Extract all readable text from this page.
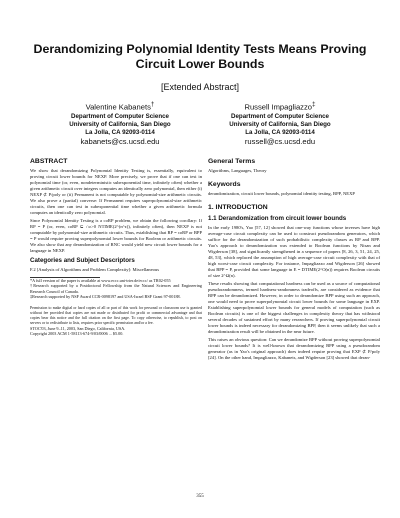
Derandomizing Polynomial Identity Tests Means Proving
Circuit Lower Bounds
[Extended Abstract]
Valentine Kabanets†
Department of Computer Science
University of California, San Diego
La Jolla, CA 92093-0114
kabanets@cs.ucsd.edu
Russell Impagliazzo‡
Department of Computer Science
University of California, San Diego
La Jolla, CA 92093-0114
russell@cs.ucsd.edu
ABSTRACT

We show that derandomizing Polynomial Identity Testing is, essentially, equivalent to proving circuit lower bounds for NEXP. More precisely, we prove that if one can test in polynomial time (or, even, nondeterministic subexponential time, infinitely often) whether a given arithmetic circuit over integers computes an identically zero polynomial, then either (i) NEXP ⊄ P/poly or (ii) Permanent is not computable by polynomial-size arithmetic circuits. We also prove a (partial) converse: If Permanent requires superpolynomial-size arithmetic circuits, then one can test in subexponential time whether a given arithmetic formula computes an identically zero polynomial.

Since Polynomial Identity Testing is a coRP problem, we obtain the following corollary: If RP = P (or, even, coRP ⊆ ∩ε>0 NTIME(2^(n^ε)), infinitely often), then NEXP is not computable by polynomial-size arithmetic circuits. Thus, establishing that RP = coRP or BPP = P would require proving superpolynomial lower bounds for Boolean or arithmetic circuits. We also show that any derandomization of RNC would yield new circuit lower bounds for a language in NEXP.

Categories and Subject Descriptors

F.2 [Analysis of Algorithms and Problem Complexity]: Miscellaneous

*A full version of the paper is available at www.eccc.uni-trier.de/eccc/ as TR02-055
†Research supported by a Postdoctoral Fellowship from the Natural Sciences and Engineering Research Council of Canada.
‡Research supported by NSF Award CCR-0098197 and USA-Israel BSF Grant 97-00188.
Permission to make digital or hard copies of all or part of this work for personal or classroom use is granted without fee provided that copies are not made or distributed for profit or commercial advantage and that copies bear this notice and the full citation on the first page. To copy otherwise, to republish, to post on servers or to redistribute to lists, requires prior specific permission and/or a fee.
STOC'03, June 9–11, 2003, San Diego, California, USA.
Copyright 2003 ACM 1-58113-674-9/03/0006 ... $5.00.
General Terms

Algorithms, Languages, Theory

Keywords

derandomization, circuit lower bounds, polynomial identity testing, BPP, NEXP

1. INTRODUCTION
1.1 Derandomization from circuit lower bounds

In the early 1980's, Yao [57, 12] showed that one-way functions whose inverses have high average-case circuit complexity can be used to construct pseudorandom generators, which suffice for the derandomization of such probabilistic complexity classes as RP and BPP. Yao's approach to derandomization was extended to Boolean functions by Nisan and Wigderson [38], and significantly strengthened in a sequence of papers [8, 26, 3, 51, 24, 25, 48, 53], which replaced the assumption of high average-case circuit complexity with that of high worst-case circuit complexity. For instance, Impagliazzo and Wigderson [26] showed that BPP = P, provided that some language in E = DTIME(2^O(n)) requires Boolean circuits of size 2^Ω(n).

These results showing that computational hardness can be used as a source of computational pseudorandomness, termed hardness-randomness tradeoffs, are considered as evidence that BPP can be derandomized. However, in order to derandomize BPP using such an approach, one would need to prove superpolynomial circuit lower bounds for some language in EXP. Establishing superpolynomial lower bounds for general models of computation (such as Boolean circuits) is one of the biggest challenges in complexity theory that has withstood several decades of sustained effort by many researchers. If proving superpolynomial circuit lower bounds is indeed necessary for derandomizing BPP, then it seems unlikely that such a derandomization result will be obtained in the near future.

This raises an obvious question: Can we derandomize BPP without proving superpolynomial circuit lower bounds? It is well-known that derandomizing BPP using a pseudorandom generator (as in Yao's original approach) does indeed require proving that EXP ⊄ P/poly [24]. On the other hand, Impagliazzo, Kabanets, and Wigderson [23] showed that deran-

355
